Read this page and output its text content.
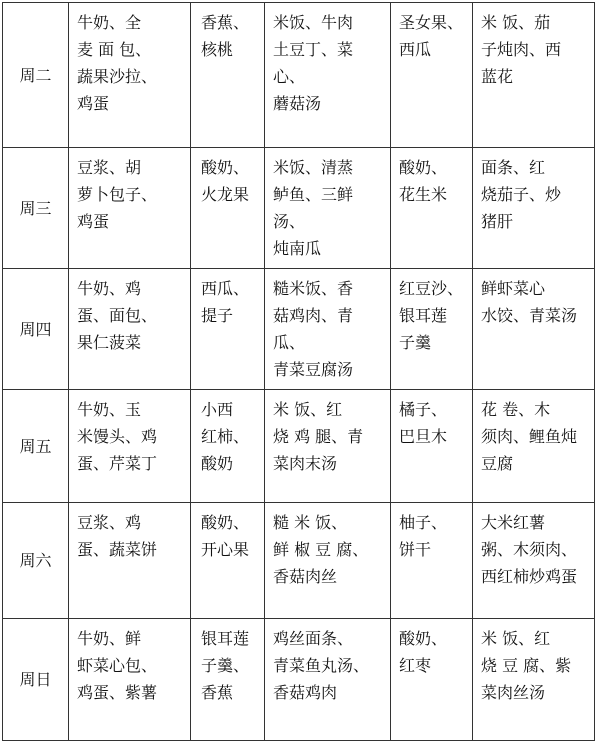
周二	牛奶、全
麦 面 包、
蔬果沙拉、
鸡蛋	香蕉、
核桃	米饭、牛肉
土豆丁、菜心、
蘑菇汤	圣女果、
西瓜	米 饭、茄
子炖肉、西
蓝花

周三	豆浆、胡
萝卜包子、
鸡蛋	酸奶、
火龙果	米饭、清蒸
鲈鱼、三鲜汤、
炖南瓜	酸奶、
花生米	面条、红
烧茄子、炒
猪肝

周四	牛奶、鸡
蛋、面包、
果仁菠菜	西瓜、
提子	糙米饭、香
菇鸡肉、青瓜、
青菜豆腐汤	红豆沙、
银耳莲
子羹	鲜虾菜心
水饺、青菜汤

周五	牛奶、玉
米馒头、鸡
蛋、芹菜丁	小西
红柿、
酸奶	米 饭、红
烧 鸡 腿、青
菜肉末汤	橘子、
巴旦木	花 卷、木
须肉、鲤鱼炖
豆腐

周六	豆浆、鸡
蛋、蔬菜饼	酸奶、
开心果	糙 米 饭、
鲜 椒 豆 腐、
香菇肉丝	柚子、
饼干	大米红薯
粥、木须肉、
西红柿炒鸡蛋

周日	牛奶、鲜
虾菜心包、
鸡蛋、紫薯	银耳莲
子羹、
香蕉	鸡丝面条、
青菜鱼丸汤、
香菇鸡肉	酸奶、
红枣	米 饭、红
烧 豆 腐、紫
菜肉丝汤
